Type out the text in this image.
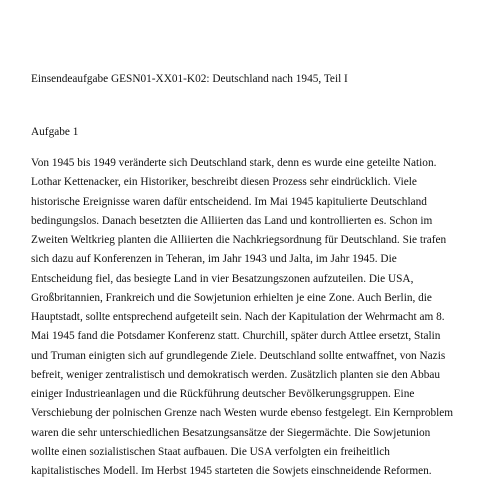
Einsendeaufgabe GESN01-XX01-K02: Deutschland nach 1945, Teil I
Aufgabe 1

Von 1945 bis 1949 veränderte sich Deutschland stark, denn es wurde eine geteilte Nation.
Lothar Kettenacker, ein Historiker, beschreibt diesen Prozess sehr eindrücklich. Viele
historische Ereignisse waren dafür entscheidend. Im Mai 1945 kapitulierte Deutschland
bedingungslos. Danach besetzten die Alliierten das Land und kontrollierten es. Schon im
Zweiten Weltkrieg planten die Alliierten die Nachkriegsordnung für Deutschland. Sie trafen
sich dazu auf Konferenzen in Teheran, im Jahr 1943 und Jalta, im Jahr 1945. Die
Entscheidung fiel, das besiegte Land in vier Besatzungszonen aufzuteilen. Die USA,
Großbritannien, Frankreich und die Sowjetunion erhielten je eine Zone. Auch Berlin, die
Hauptstadt, sollte entsprechend aufgeteilt sein. Nach der Kapitulation der Wehrmacht am 8.
Mai 1945 fand die Potsdamer Konferenz statt. Churchill, später durch Attlee ersetzt, Stalin
und Truman einigten sich auf grundlegende Ziele. Deutschland sollte entwaffnet, von Nazis
befreit, weniger zentralistisch und demokratisch werden. Zusätzlich planten sie den Abbau
einiger Industrieanlagen und die Rückführung deutscher Bevölkerungsgruppen. Eine
Verschiebung der polnischen Grenze nach Westen wurde ebenso festgelegt. Ein Kernproblem
waren die sehr unterschiedlichen Besatzungsansätze der Siegermächte. Die Sowjetunion
wollte einen sozialistischen Staat aufbauen. Die USA verfolgten ein freiheitlich
kapitalistisches Modell. Im Herbst 1945 starteten die Sowjets einschneidende Reformen.
